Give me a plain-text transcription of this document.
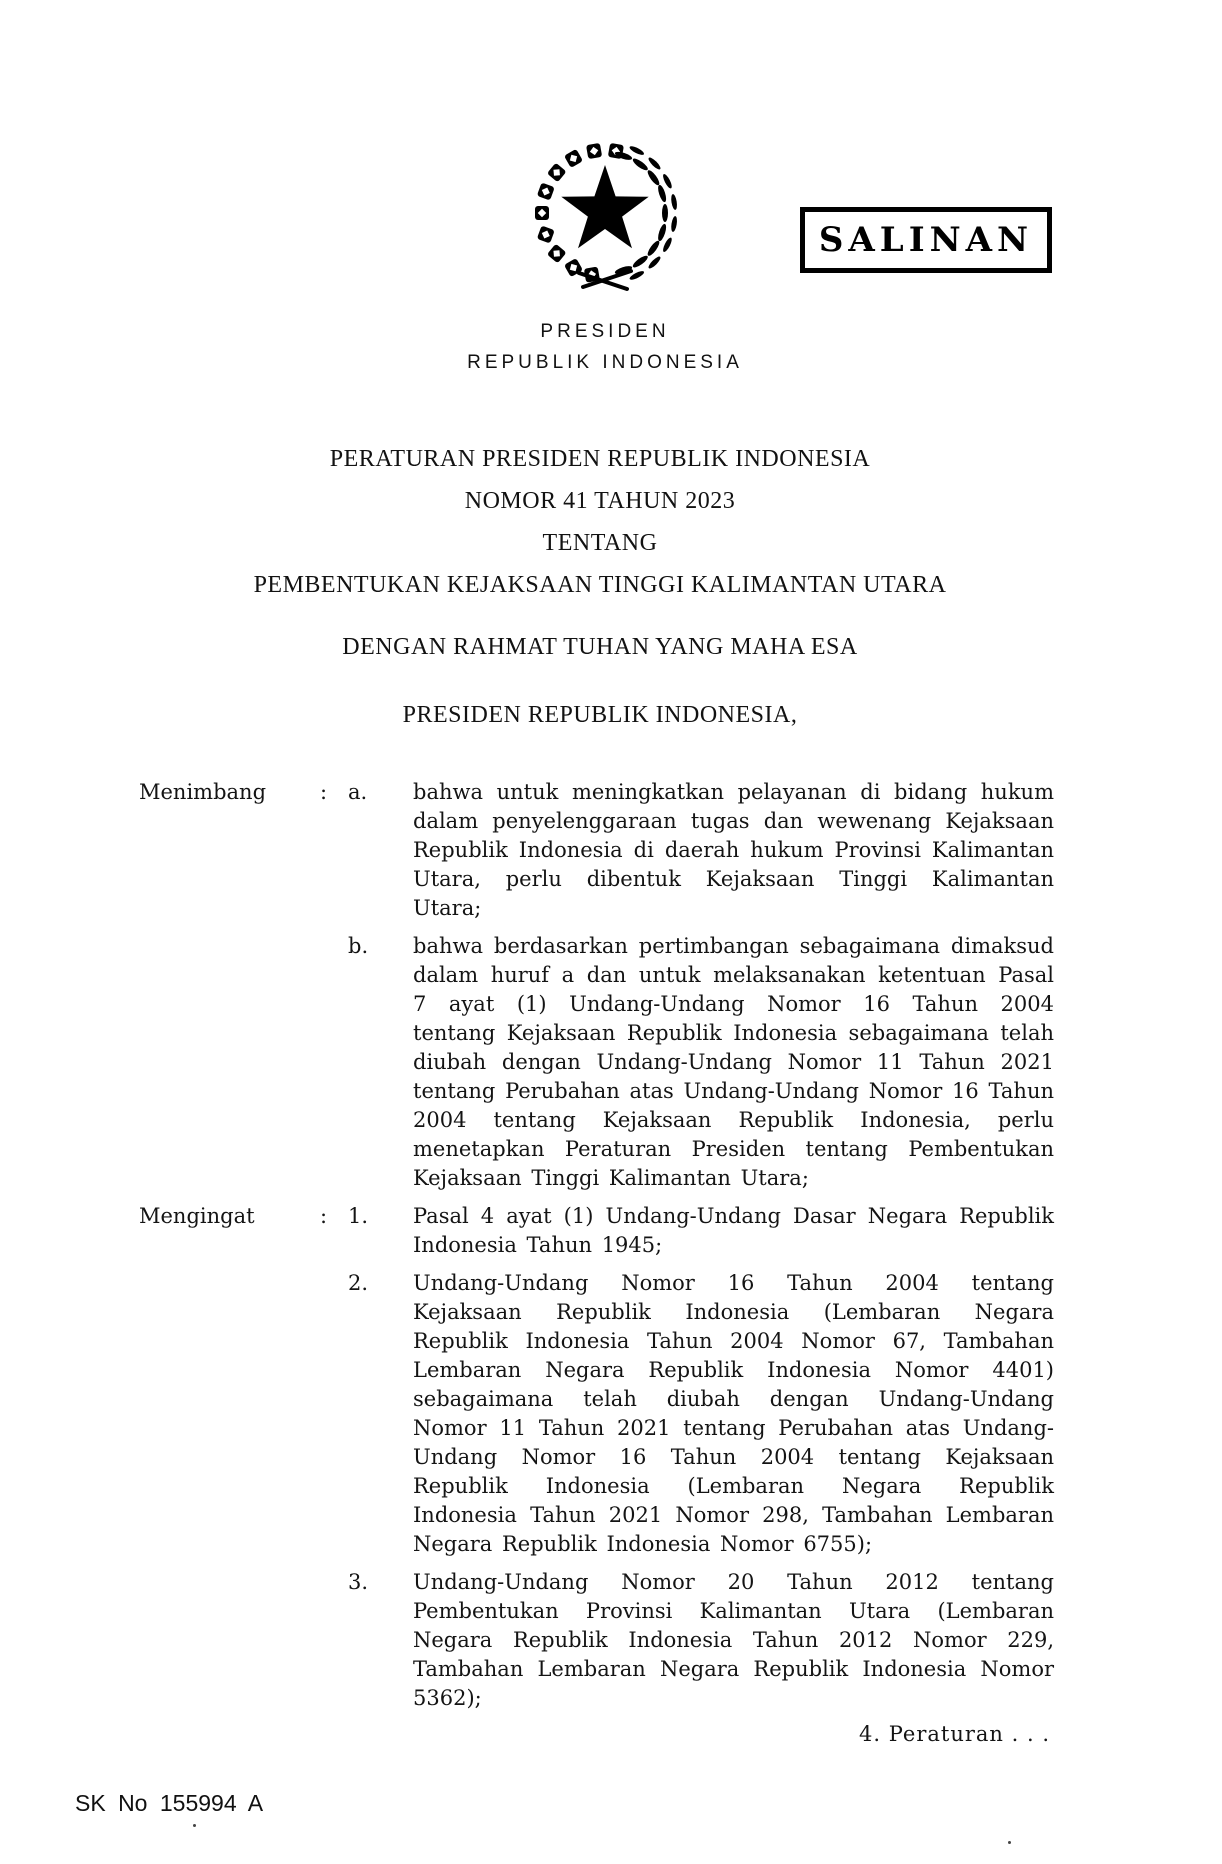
PRESIDEN
REPUBLIK INDONESIA
SALINAN
PERATURAN PRESIDEN REPUBLIK INDONESIA
NOMOR 41 TAHUN 2023
TENTANG
PEMBENTUKAN KEJAKSAAN TINGGI KALIMANTAN UTARA
DENGAN RAHMAT TUHAN YANG MAHA ESA
PRESIDEN REPUBLIK INDONESIA,
Menimbang	: a.	bahwa untuk meningkatkan pelayanan di bidang hukum dalam penyelenggaraan tugas dan wewenang Kejaksaan Republik Indonesia di daerah hukum Provinsi Kalimantan Utara, perlu dibentuk Kejaksaan Tinggi Kalimantan Utara;
b.	bahwa berdasarkan pertimbangan sebagaimana dimaksud dalam huruf a dan untuk melaksanakan ketentuan Pasal 7 ayat (1) Undang-Undang Nomor 16 Tahun 2004 tentang Kejaksaan Republik Indonesia sebagaimana telah diubah dengan Undang-Undang Nomor 11 Tahun 2021 tentang Perubahan atas Undang-Undang Nomor 16 Tahun 2004 tentang Kejaksaan Republik Indonesia, perlu menetapkan Peraturan Presiden tentang Pembentukan Kejaksaan Tinggi Kalimantan Utara;
Mengingat	: 1.	Pasal 4 ayat (1) Undang-Undang Dasar Negara Republik Indonesia Tahun 1945;
2.	Undang-Undang Nomor 16 Tahun 2004 tentang Kejaksaan Republik Indonesia (Lembaran Negara Republik Indonesia Tahun 2004 Nomor 67, Tambahan Lembaran Negara Republik Indonesia Nomor 4401) sebagaimana telah diubah dengan Undang-Undang Nomor 11 Tahun 2021 tentang Perubahan atas Undang-Undang Nomor 16 Tahun 2004 tentang Kejaksaan Republik Indonesia (Lembaran Negara Republik Indonesia Tahun 2021 Nomor 298, Tambahan Lembaran Negara Republik Indonesia Nomor 6755);
3.	Undang-Undang Nomor 20 Tahun 2012 tentang Pembentukan Provinsi Kalimantan Utara (Lembaran Negara Republik Indonesia Tahun 2012 Nomor 229, Tambahan Lembaran Negara Republik Indonesia Nomor 5362);
4. Peraturan . . .
SK No 155994 A
